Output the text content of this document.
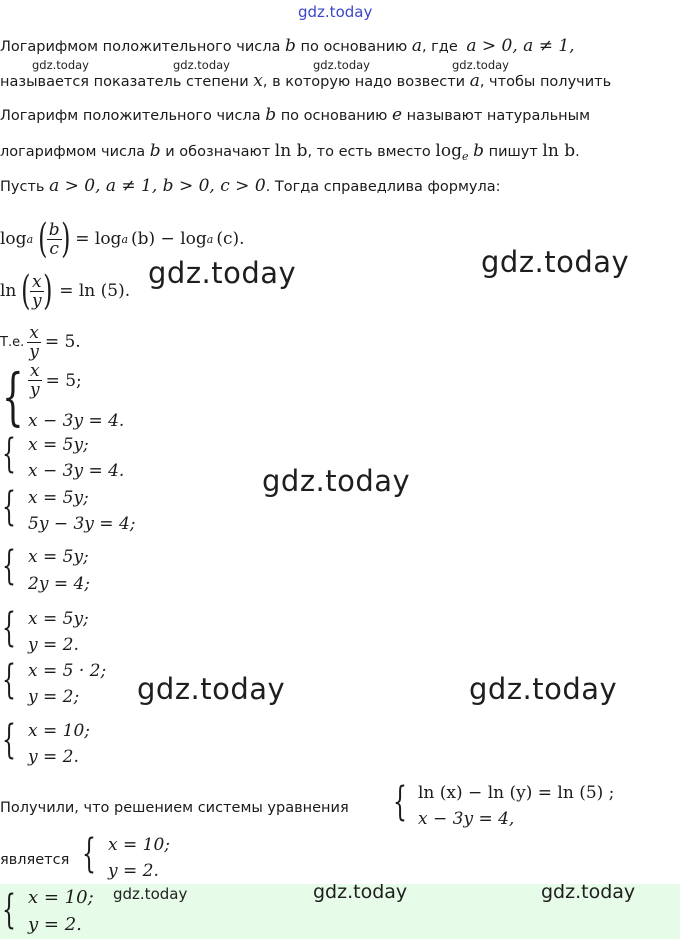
gdz.today
Логарифмом положительного числа b по основанию a, где a > 0, a ≠ 1,
gdz.today	gdz.today	gdz.today	gdz.today
называется показатель степени x, в которую надо возвести a, чтобы получить
Логарифм положительного числа b по основанию e называют натуральным
логарифмом числа b и обозначают ln b, то есть вместо $\log_e b$ пишут ln b.
Пусть a > 0, a ≠ 1, b > 0, c > 0. Тогда справедлива формула:
log a ( $\frac{b}{c}$ ) = log a (b) − log a (c).
ln ( $\frac{x}{y}$ ) = ln (5).
gdz.today	gdz.today
Т.е. $\frac{x}{y} = 5$.
{ $\frac{x}{y} = 5$;
x − 3y = 4.
{ x = 5y;
x − 3y = 4.	gdz.today
{ x = 5y;
5y − 3y = 4;
{ x = 5y;
2y = 4;
{ x = 5y;
y = 2.
{ x = 5 · 2;
y = 2; gdz.today	gdz.today
{ x = 10;
y = 2.
Получили, что решением системы уравнения { ln (x) − ln (y) = ln (5) ;
x − 3y = 4,
является { x = 10;
y = 2.
{ x = 10;
y = 2.
gdz.today	gdz.today	gdz.today
